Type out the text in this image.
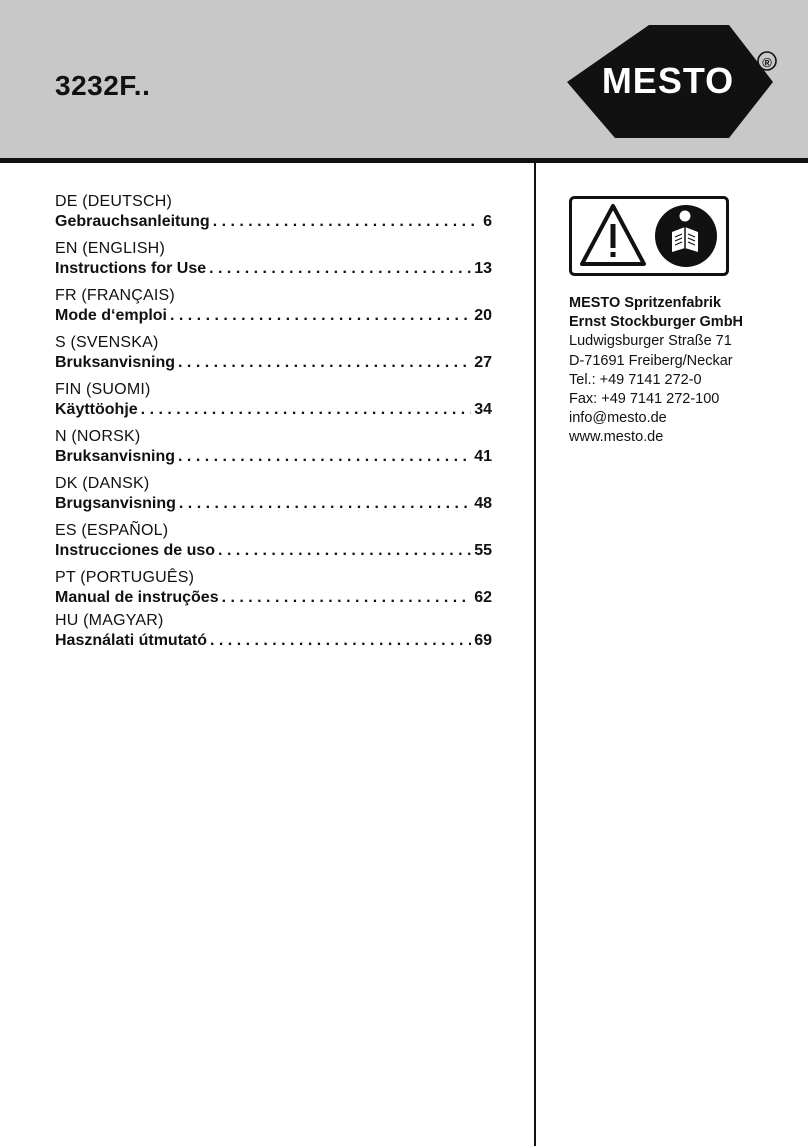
3232F..	MESTO ®
DE (DEUTSCH)
Gebrauchsanleitung . . .	6
EN (ENGLISH)
Instructions for Use . . .	13
FR (FRANÇAIS)
Mode d‘emploi . . .	20
S (SVENSKA)
Bruksanvisning . . .	27
FIN (SUOMI)
Käyttöohje . . .	34
N (NORSK)
Bruksanvisning . . .	41
DK (DANSK)
Brugsanvisning . . .	48
ES (ESPAÑOL)
Instrucciones de uso . . .	55
PT (PORTUGUÊS)
Manual de instruções . . .	62
HU (MAGYAR)
Használati útmutató . . .	69
MESTO Spritzenfabrik
Ernst Stockburger GmbH
Ludwigsburger Straße 71
D-71691 Freiberg/Neckar
Tel.: +49 7141 272-0
Fax: +49 7141 272-100
info@mesto.de
www.mesto.de
